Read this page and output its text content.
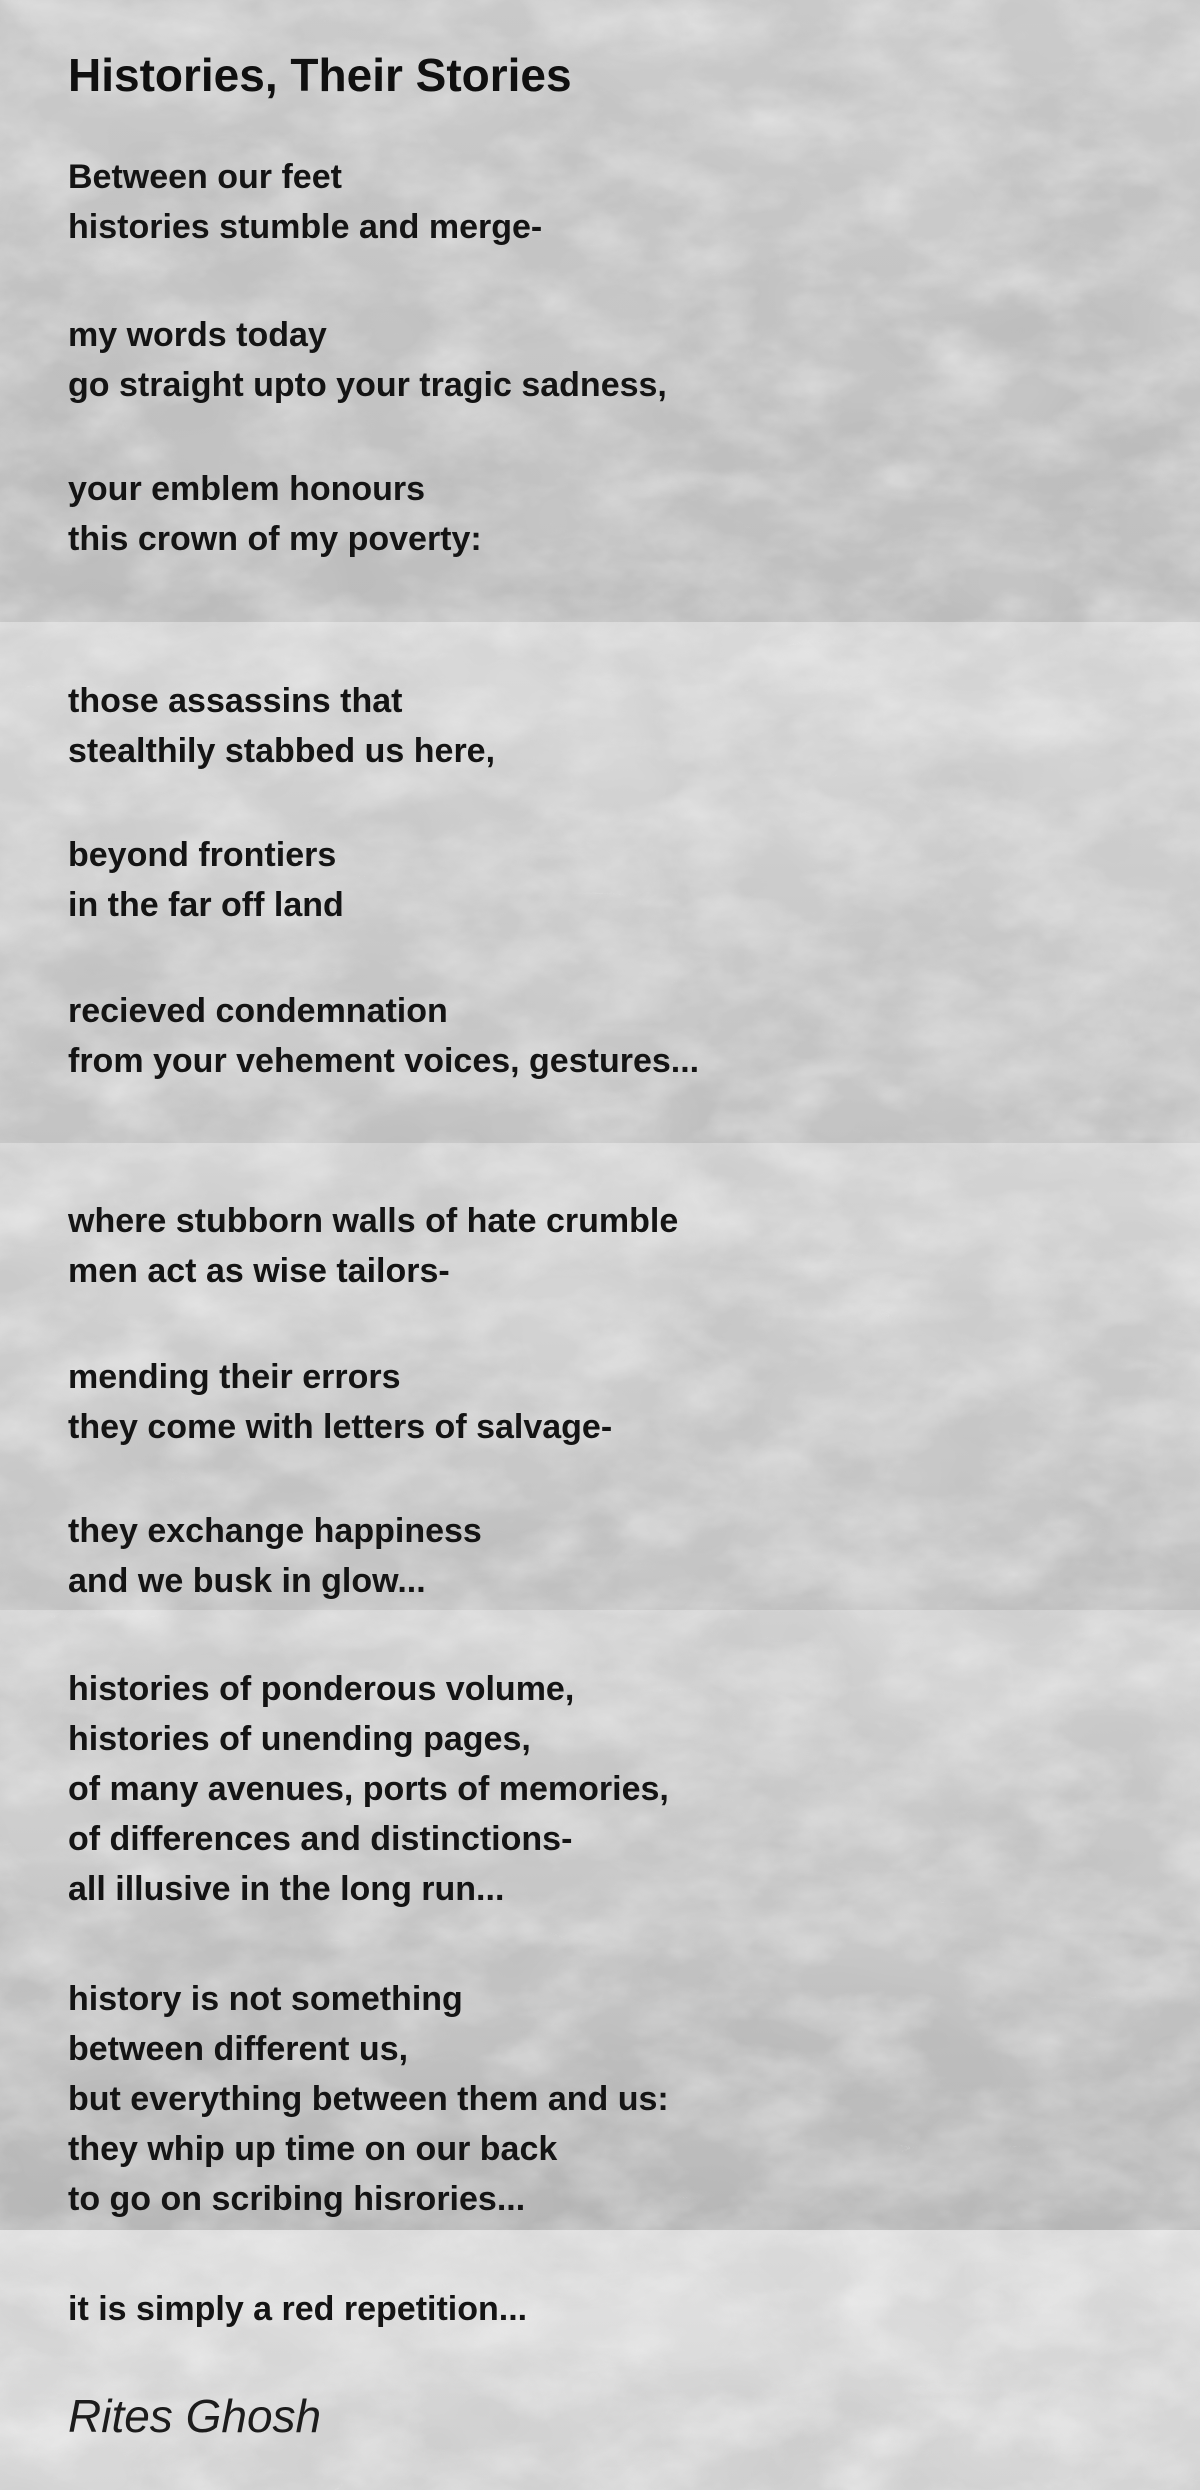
Histories, Their Stories
Between our feet
histories stumble and merge-
my words today
go straight upto your tragic sadness,
your emblem honours
this crown of my poverty:
those assassins that
stealthily stabbed us here,
beyond frontiers
in the far off land
recieved condemnation
from your vehement voices, gestures...
where stubborn walls of hate crumble
men act as wise tailors-
mending their errors
they come with letters of salvage-
they exchange happiness
and we busk in glow...
histories of ponderous volume,
histories of unending pages,
of many avenues, ports of memories,
of differences and distinctions-
all illusive in the long run...
history is not something
between different us,
but everything between them and us:
they whip up time on our back
to go on scribing hisrories...
it is simply a red repetition...
Rites Ghosh
